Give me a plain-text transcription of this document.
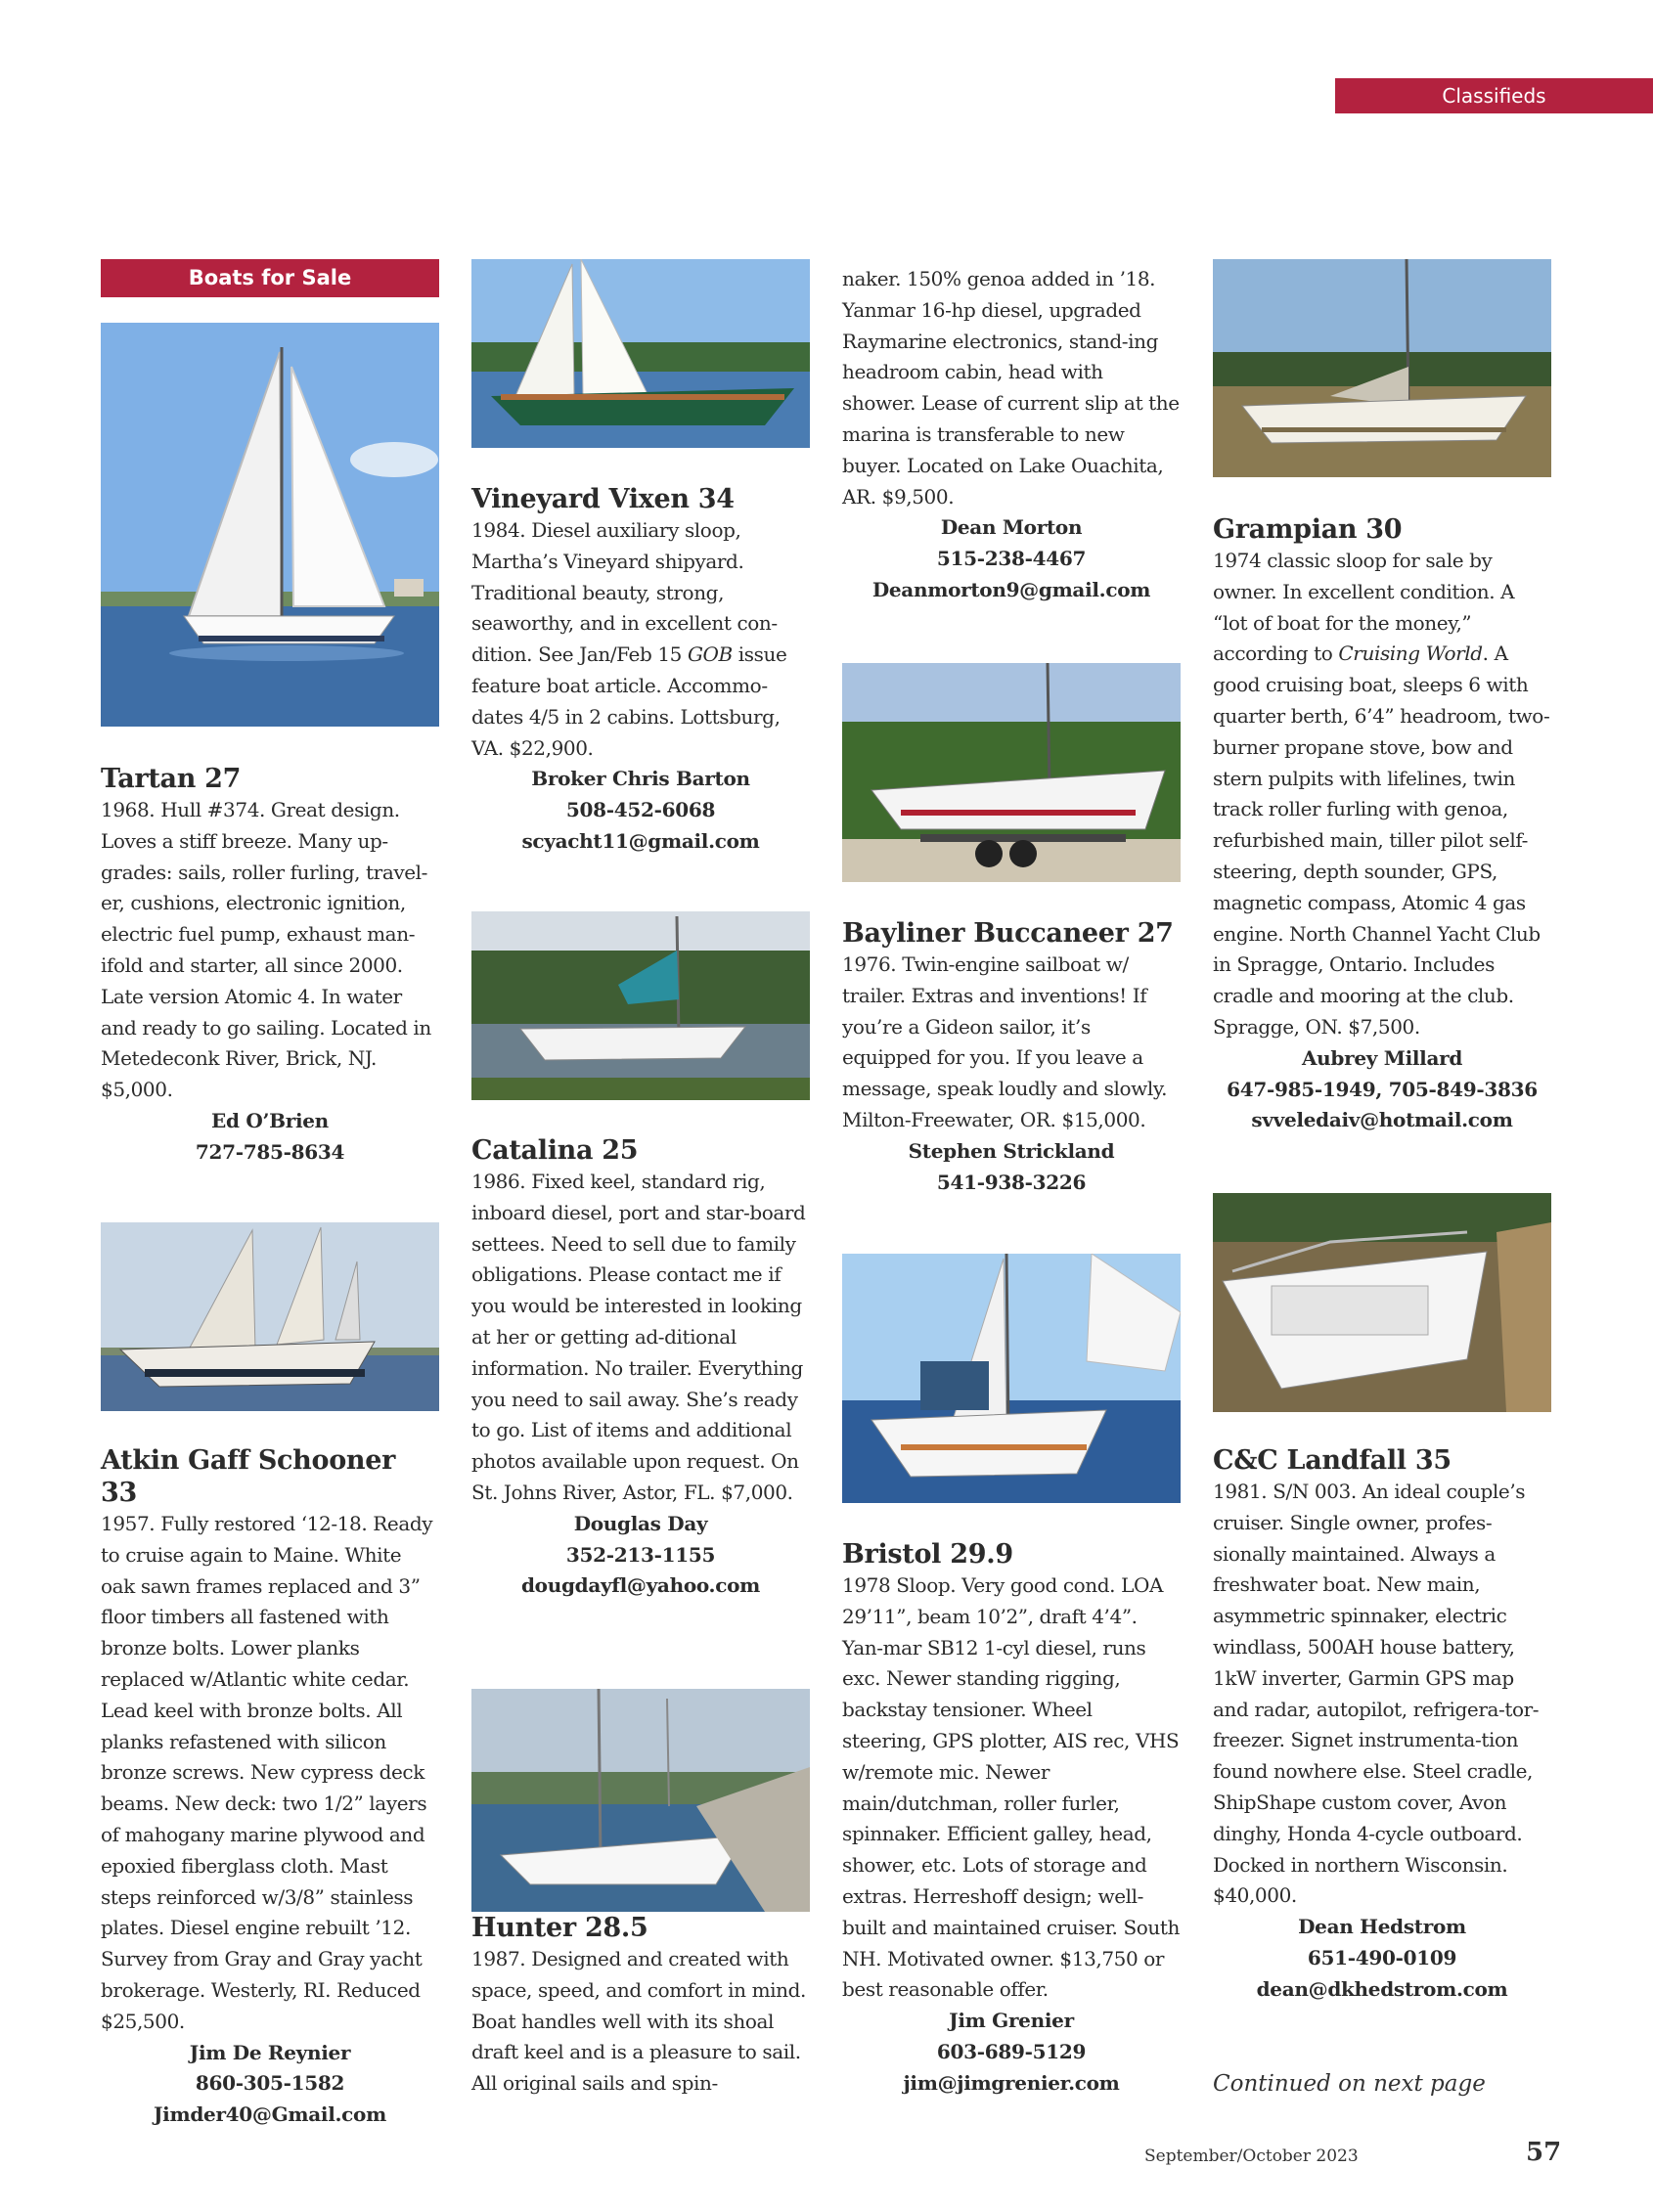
Classifieds
Boats for Sale
Tartan 27
1968. Hull #374. Great design. Loves a stiff breeze. Many up-grades: sails, roller furling, travel-er, cushions, electronic ignition, electric fuel pump, exhaust man-ifold and starter, all since 2000. Late version Atomic 4. In water and ready to go sailing. Located in Metedeconk River, Brick, NJ. $5,000.
Ed O’Brien
727-785-8634
Atkin Gaff Schooner 33
1957. Fully restored ‘12-18. Ready to cruise again to Maine. White oak sawn frames replaced and 3” floor timbers all fastened with bronze bolts. Lower planks replaced w/Atlantic white cedar. Lead keel with bronze bolts. All planks refastened with silicon bronze screws. New cypress deck beams. New deck: two 1/2” layers of mahogany marine plywood and epoxied fiberglass cloth. Mast steps reinforced w/3/8” stainless plates. Diesel engine rebuilt ’12. Survey from Gray and Gray yacht brokerage. Westerly, RI. Reduced $25,500.
Jim De Reynier
860-305-1582
Jimder40@Gmail.com
Vineyard Vixen 34
1984. Diesel auxiliary sloop, Martha’s Vineyard shipyard. Traditional beauty, strong, seaworthy, and in excellent con-dition. See Jan/Feb 15 GOB issue feature boat article. Accommo-dates 4/5 in 2 cabins. Lottsburg, VA. $22,900.
Broker Chris Barton
508-452-6068
scyacht11@gmail.com
Catalina 25
1986. Fixed keel, standard rig, inboard diesel, port and star-board settees. Need to sell due to family obligations. Please contact me if you would be interested in looking at her or getting ad-ditional information. No trailer. Everything you need to sail away. She’s ready to go. List of items and additional photos available upon request. On St. Johns River, Astor, FL. $7,000.
Douglas Day
352-213-1155
dougdayfl@yahoo.com
Hunter 28.5
1987. Designed and created with space, speed, and comfort in mind. Boat handles well with its shoal draft keel and is a pleasure to sail. All original sails and spin-
naker. 150% genoa added in ’18. Yanmar 16-hp diesel, upgraded Raymarine electronics, stand-ing headroom cabin, head with shower. Lease of current slip at the marina is transferable to new buyer. Located on Lake Ouachita, AR. $9,500.
Dean Morton
515-238-4467
Deanmorton9@gmail.com
Bayliner Buccaneer 27
1976. Twin-engine sailboat w/ trailer. Extras and inventions! If you’re a Gideon sailor, it’s equipped for you. If you leave a message, speak loudly and slowly. Milton-Freewater, OR. $15,000.
Stephen Strickland
541-938-3226
Bristol 29.9
1978 Sloop. Very good cond. LOA 29’11”, beam 10’2”, draft 4’4”. Yan-mar SB12 1-cyl diesel, runs exc. Newer standing rigging, backstay tensioner. Wheel steering, GPS plotter, AIS rec, VHS w/remote mic. Newer main/dutchman, roller furler, spinnaker. Efficient galley, head, shower, etc. Lots of storage and extras. Herreshoff design; well-built and maintained cruiser. South NH. Motivated owner. $13,750 or best reasonable offer.
Jim Grenier
603-689-5129
jim@jimgrenier.com
Grampian 30
1974 classic sloop for sale by owner. In excellent condition. A “lot of boat for the money,” according to Cruising World. A good cruising boat, sleeps 6 with quarter berth, 6’4” headroom, two-burner propane stove, bow and stern pulpits with lifelines, twin track roller furling with genoa, refurbished main, tiller pilot self-steering, depth sounder, GPS, magnetic compass, Atomic 4 gas engine. North Channel Yacht Club in Spragge, Ontario. Includes cradle and mooring at the club. Spragge, ON. $7,500.
Aubrey Millard
647-985-1949, 705-849-3836
svveledaiv@hotmail.com
C&C Landfall 35
1981. S/N 003. An ideal couple’s cruiser. Single owner, profes-sionally maintained. Always a freshwater boat. New main, asymmetric spinnaker, electric windlass, 500AH house battery, 1kW inverter, Garmin GPS map and radar, autopilot, refrigera-tor-freezer. Signet instrumenta-tion found nowhere else. Steel cradle, ShipShape custom cover, Avon dinghy, Honda 4-cycle outboard. Docked in northern Wisconsin. $40,000.
Dean Hedstrom
651-490-0109
dean@dkhedstrom.com
Continued on next page
September/October 2023	57
